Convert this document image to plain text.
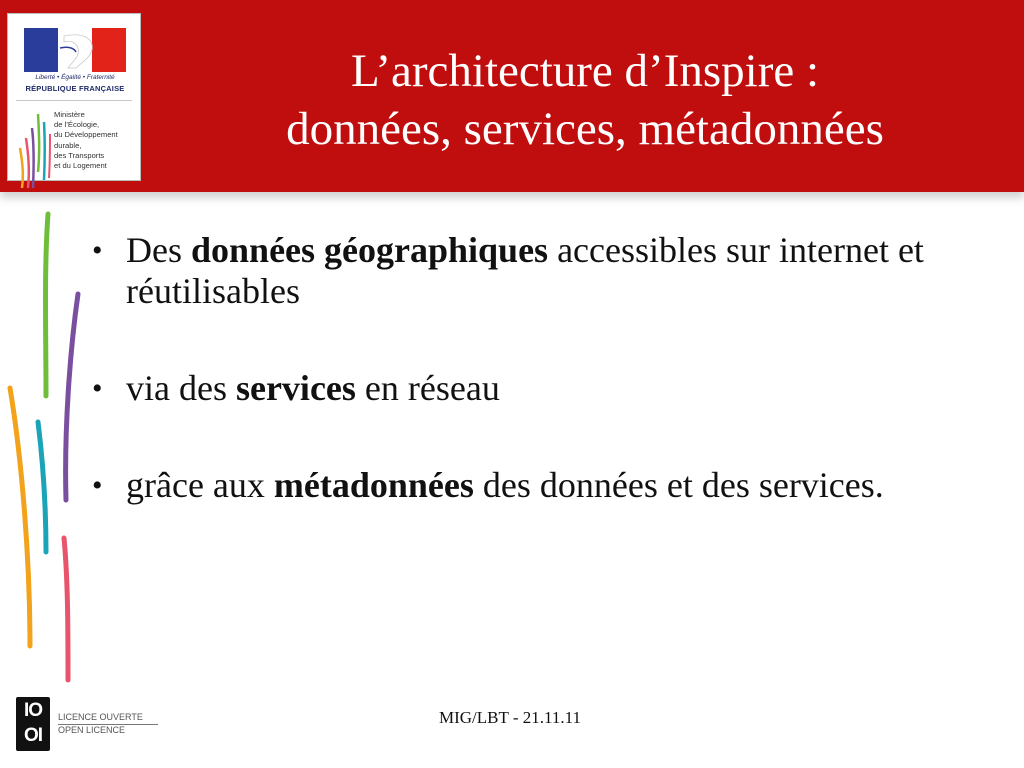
Liberté • Égalité • Fraternité
RÉPUBLIQUE FRANÇAISE
Ministère
de l’Écologie,
du Développement
durable,
des Transports
et du Logement
L’architecture d’Inspire :
données, services, métadonnées
• Des données géographiques accessibles sur internet et réutilisables
• via des services en réseau
• grâce aux métadonnées des données et des services.
IO
OI
LICENCE OUVERTE
OPEN LICENCE
MIG/LBT - 21.11.11
